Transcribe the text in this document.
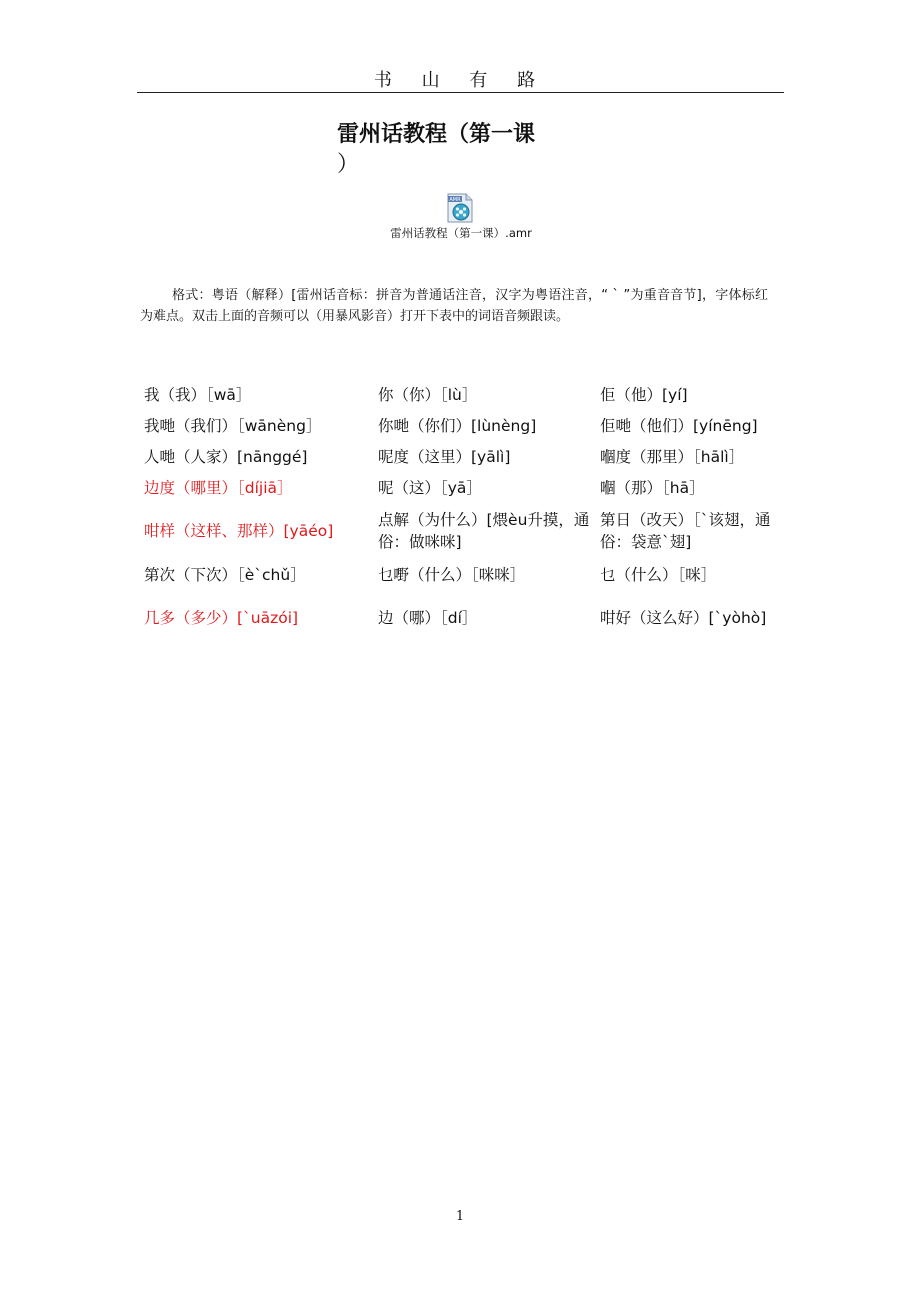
书 山 有 路
雷州话教程（第一课
）
AMR
雷州话教程（第一课）.amr
格式：粤语（解释）[雷州话音标：拼音为普通话注音，汉字为粤语注音，“ ˋ ”为重音音节]，字体标红为难点。双击上面的音频可以（用暴风影音）打开下表中的词语音频跟读。
我（我）［wā］	你（你）［lù］	佢（他）[yí]
我哋（我们）［wānèng］	你哋（你们）[lùnèng]	佢哋（他们）[yínēng]
人哋（人家）[nānggé]	呢度（这里）[yālì]	嗰度（那里）［hālì］
边度（哪里）［díjiā］	呢（这）［yā］	嗰（那）［hā］
咁样（这样、那样）[yāéo]	点解（为什么）[煨èu升摸，通俗：做咪咪]	第日（改天）［ˋ该翅，通俗：袋意ˋ翅]
第次（下次）［èˋchǔ］	乜嘢（什么）［咪咪］	乜（什么）［咪］
几多（多少）[ˋuāzói]	边（哪）［dí］	咁好（这么好）[ˋyòhò]
1
